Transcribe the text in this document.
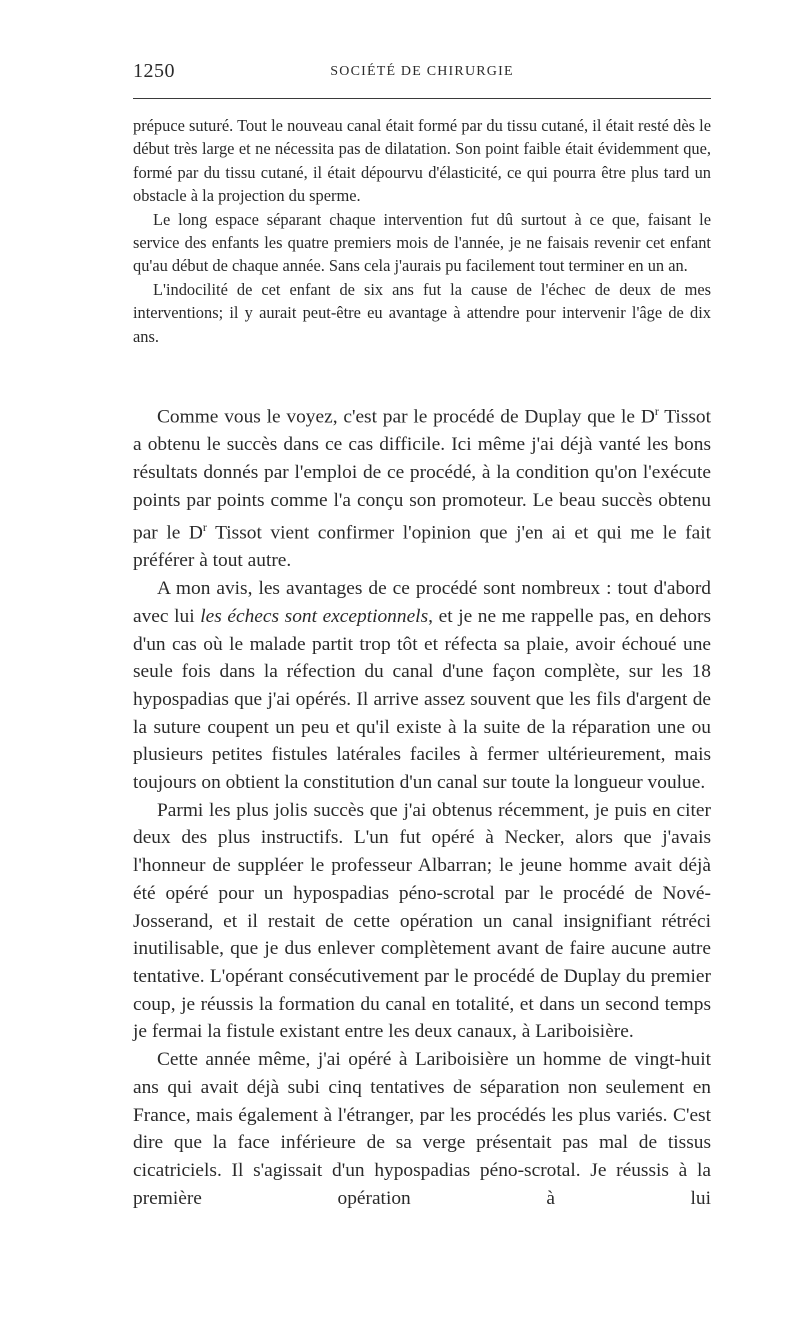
1250	SOCIÉTÉ DE CHIRURGIE

prépuce suturé. Tout le nouveau canal était formé par du tissu cutané, il était resté dès le début très large et ne nécessita pas de dilatation. Son point faible était évidemment que, formé par du tissu cutané, il était dépourvu d'élasticité, ce qui pourra être plus tard un obstacle à la projection du sperme.

Le long espace séparant chaque intervention fut dû surtout à ce que, faisant le service des enfants les quatre premiers mois de l'année, je ne faisais revenir cet enfant qu'au début de chaque année. Sans cela j'aurais pu facilement tout terminer en un an.

L'indocilité de cet enfant de six ans fut la cause de l'échec de deux de mes interventions; il y aurait peut-être eu avantage à attendre pour intervenir l'âge de dix ans.

Comme vous le voyez, c'est par le procédé de Duplay que le $D^r$ Tissot a obtenu le succès dans ce cas difficile. Ici même j'ai déjà vanté les bons résultats donnés par l'emploi de ce procédé, à la condition qu'on l'exécute points par points comme l'a conçu son promoteur. Le beau succès obtenu par le $D^r$ Tissot vient confirmer l'opinion que j'en ai et qui me le fait préférer à tout autre.

A mon avis, les avantages de ce procédé sont nombreux : tout d'abord avec lui les échecs sont exceptionnels, et je ne me rappelle pas, en dehors d'un cas où le malade partit trop tôt et réfecta sa plaie, avoir échoué une seule fois dans la réfection du canal d'une façon complète, sur les 18 hypospadias que j'ai opérés. Il arrive assez souvent que les fils d'argent de la suture coupent un peu et qu'il existe à la suite de la réparation une ou plusieurs petites fistules latérales faciles à fermer ultérieurement, mais toujours on obtient la constitution d'un canal sur toute la longueur voulue.

Parmi les plus jolis succès que j'ai obtenus récemment, je puis en citer deux des plus instructifs. L'un fut opéré à Necker, alors que j'avais l'honneur de suppléer le professeur Albarran; le jeune homme avait déjà été opéré pour un hypospadias péno-scrotal par le procédé de Nové-Josserand, et il restait de cette opération un canal insignifiant rétréci inutilisable, que je dus enlever complètement avant de faire aucune autre tentative. L'opérant consécutivement par le procédé de Duplay du premier coup, je réussis la formation du canal en totalité, et dans un second temps je fermai la fistule existant entre les deux canaux, à Lariboisière.

Cette année même, j'ai opéré à Lariboisière un homme de vingt-huit ans qui avait déjà subi cinq tentatives de séparation non seulement en France, mais également à l'étranger, par les procédés les plus variés. C'est dire que la face inférieure de sa verge présentait pas mal de tissus cicatriciels. Il s'agissait d'un hypospadias péno-scrotal. Je réussis à la première opération à lui
